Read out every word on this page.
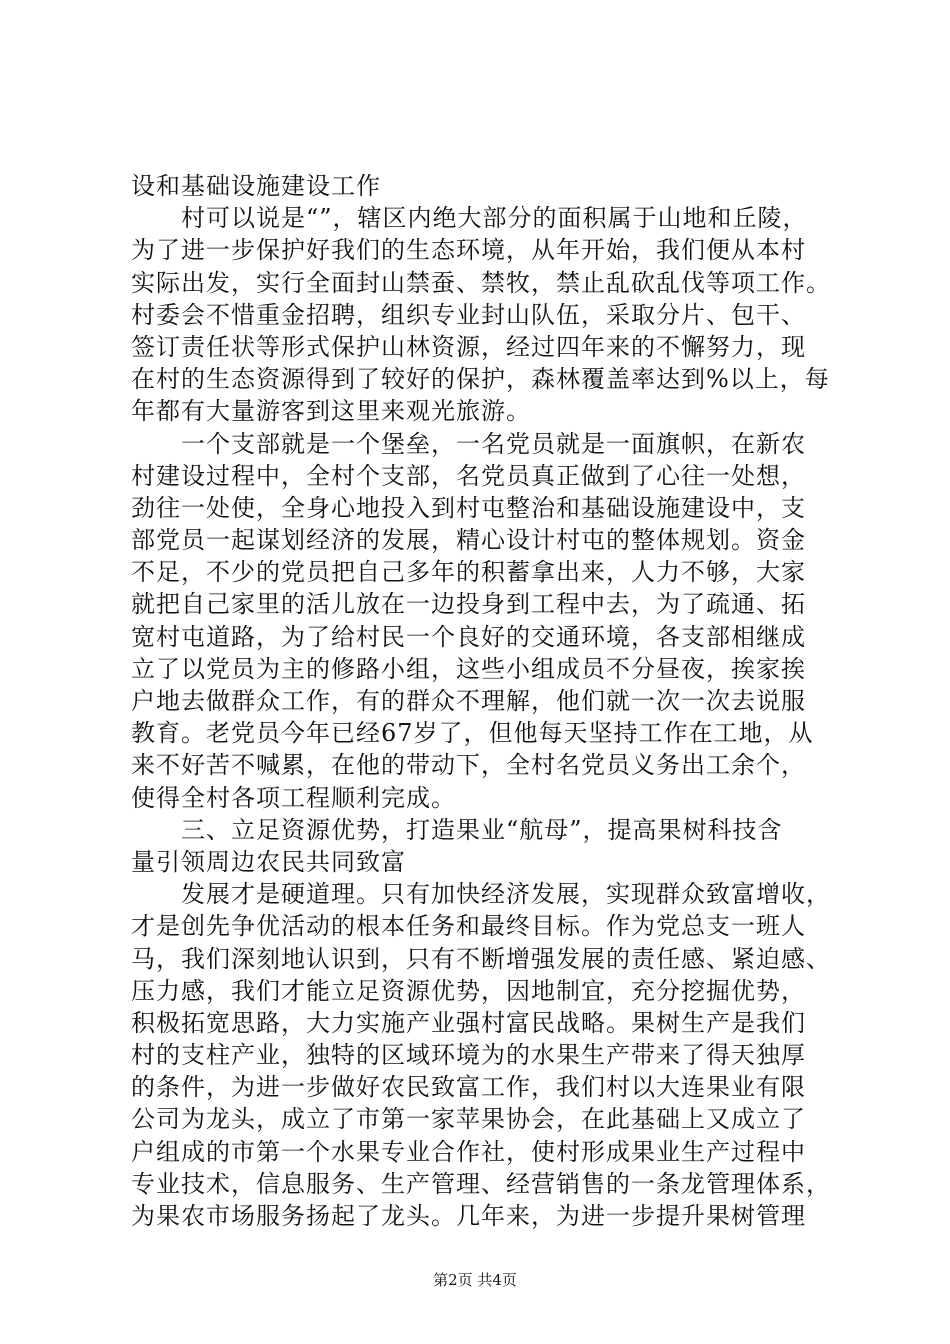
设和基础设施建设工作
　　村可以说是“”，辖区内绝大部分的面积属于山地和丘陵，
为了进一步保护好我们的生态环境，从年开始，我们便从本村
实际出发，实行全面封山禁蚕、禁牧，禁止乱砍乱伐等项工作。
村委会不惜重金招聘，组织专业封山队伍，采取分片、包干、
签订责任状等形式保护山林资源，经过四年来的不懈努力，现
在村的生态资源得到了较好的保护，森林覆盖率达到%以上，每
年都有大量游客到这里来观光旅游。
　　一个支部就是一个堡垒，一名党员就是一面旗帜，在新农
村建设过程中，全村个支部，名党员真正做到了心往一处想，
劲往一处使，全身心地投入到村屯整治和基础设施建设中，支
部党员一起谋划经济的发展，精心设计村屯的整体规划。资金
不足，不少的党员把自己多年的积蓄拿出来，人力不够，大家
就把自己家里的活儿放在一边投身到工程中去，为了疏通、拓
宽村屯道路，为了给村民一个良好的交通环境，各支部相继成
立了以党员为主的修路小组，这些小组成员不分昼夜，挨家挨
户地去做群众工作，有的群众不理解，他们就一次一次去说服
教育。老党员今年已经67岁了，但他每天坚持工作在工地，从
来不好苦不喊累，在他的带动下，全村名党员义务出工余个，
使得全村各项工程顺利完成。
　　三、立足资源优势，打造果业“航母”，提高果树科技含
量引领周边农民共同致富
　　发展才是硬道理。只有加快经济发展，实现群众致富增收，
才是创先争优活动的根本任务和最终目标。作为党总支一班人
马，我们深刻地认识到，只有不断增强发展的责任感、紧迫感、
压力感，我们才能立足资源优势，因地制宜，充分挖掘优势，
积极拓宽思路，大力实施产业强村富民战略。果树生产是我们
村的支柱产业，独特的区域环境为的水果生产带来了得天独厚
的条件，为进一步做好农民致富工作，我们村以大连果业有限
公司为龙头，成立了市第一家苹果协会，在此基础上又成立了
户组成的市第一个水果专业合作社，使村形成果业生产过程中
专业技术，信息服务、生产管理、经营销售的一条龙管理体系，
为果农市场服务扬起了龙头。几年来，为进一步提升果树管理
第2页 共4页
